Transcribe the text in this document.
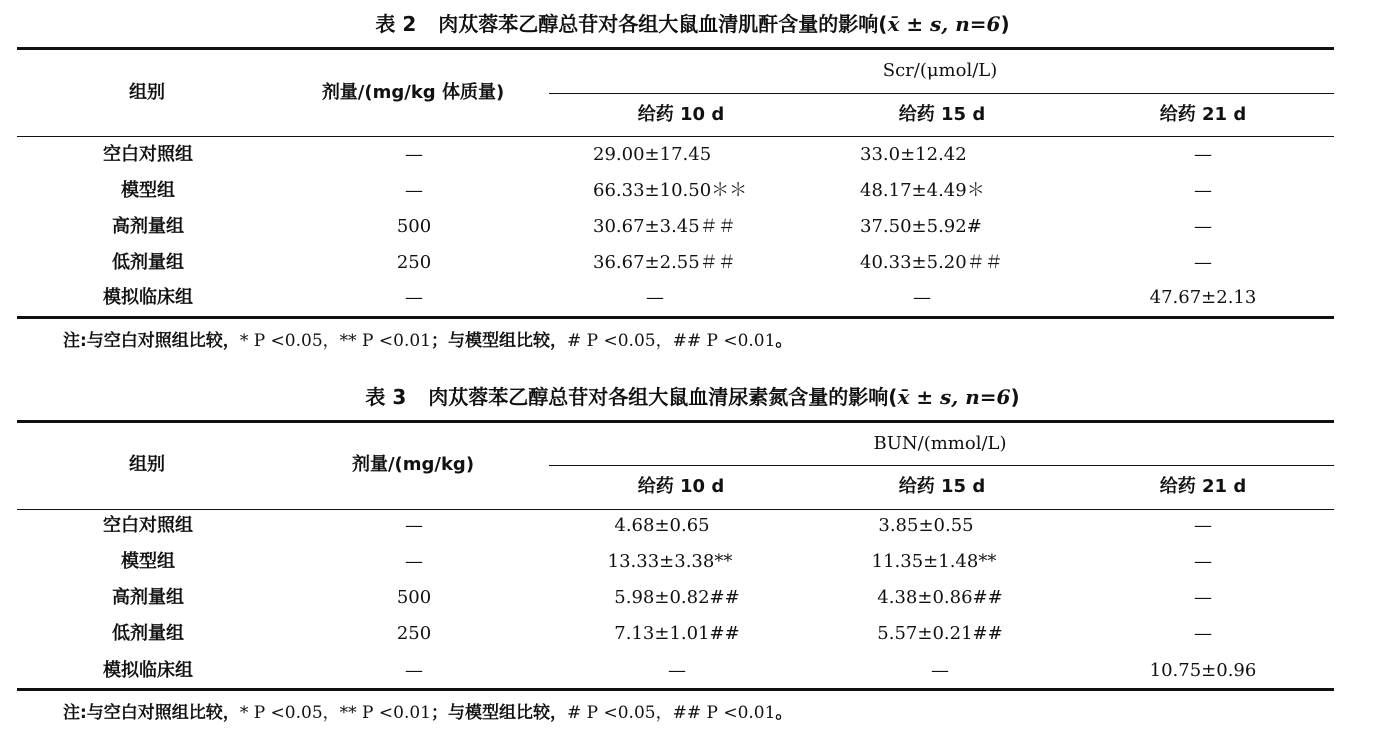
表 2 肉苁蓉苯乙醇总苷对各组大鼠血清肌酐含量的影响(x̄ ± s, n=6)
组别	剂量/(mg/kg 体质量)
Scr/(μmol/L)
给药 10 d	给药 15 d	给药 21 d
空白对照组	—	29.00±17.45	33.0±12.42	—
模型组	—	66.33±10.50＊＊	48.17±4.49＊	—
高剂量组	500	30.67±3.45＃＃	37.50±5.92#	—
低剂量组	250	36.67±2.55＃＃	40.33±5.20＃＃	—
模拟临床组	—	—	—	47.67±2.13
注:与空白对照组比较，* P <0.05，** P <0.01；与模型组比较，# P <0.05，## P <0.01。
表 3 肉苁蓉苯乙醇总苷对各组大鼠血清尿素氮含量的影响(x̄ ± s, n=6)
组别	剂量/(mg/kg)
BUN/(mmol/L)
给药 10 d	给药 15 d	给药 21 d
空白对照组	—	4.68±0.65	3.85±0.55	—
模型组	—	13.33±3.38**	11.35±1.48**	—
高剂量组	500	5.98±0.82##	4.38±0.86##	—
低剂量组	250	7.13±1.01##	5.57±0.21##	—
模拟临床组	—	—	—	10.75±0.96
注:与空白对照组比较，* P <0.05，** P <0.01；与模型组比较，# P <0.05，## P <0.01。
